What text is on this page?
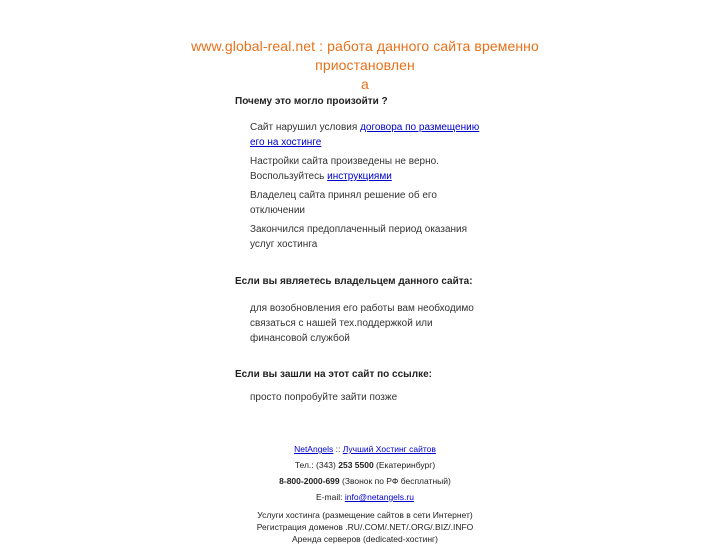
www.global-real.net : работа данного сайта временно приостановлен
а

Почему это могло произойти ?

Сайт нарушил условия договора по размещению его на хостинге
Настройки сайта произведены не верно. Воспользуйтесь инструкциями
Владелец сайта принял решение об его отключении
Закончился предоплаченный период оказания услуг хостинга

Если вы являетесь владельцем данного сайта:

для возобновления его работы вам необходимо связаться с нашей тех.поддержкой или финансовой службой

Если вы зашли на этот сайт по ссылке:

просто попробуйте зайти позже
NetAngels :: Лучший Хостинг сайтов
Тел.: (343) 253 5500 (Екатеринбург)
8-800-2000-699 (Звонок по РФ бесплатный)
E-mail: info@netangels.ru
Услуги хостинга (размещение сайтов в сети Интернет)
Регистрация доменов .RU/.COM/.NET/.ORG/.BIZ/.INFO
Аренда серверов (dedicated-хостинг)
